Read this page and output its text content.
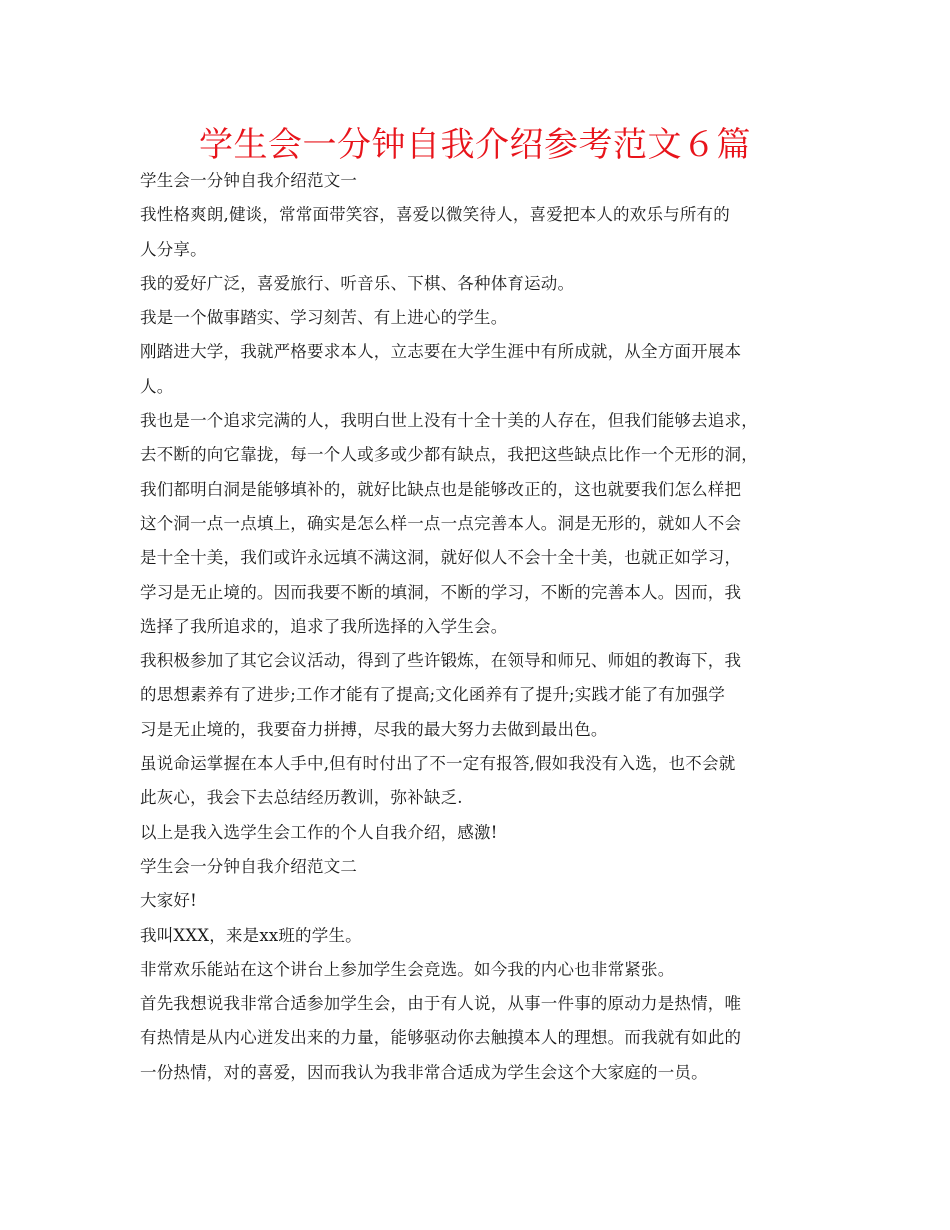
学生会一分钟自我介绍参考范文６篇

学生会一分钟自我介绍范文一

我性格爽朗,健谈，常常面带笑容，喜爱以微笑待人，喜爱把本人的欢乐与所有的

人分享。

我的爱好广泛，喜爱旅行、听音乐、下棋、各种体育运动。

我是一个做事踏实、学习刻苦、有上进心的学生。

刚踏进大学，我就严格要求本人，立志要在大学生涯中有所成就，从全方面开展本

人。

我也是一个追求完满的人，我明白世上没有十全十美的人存在，但我们能够去追求，

去不断的向它靠拢，每一个人或多或少都有缺点，我把这些缺点比作一个无形的洞，

我们都明白洞是能够填补的，就好比缺点也是能够改正的，这也就要我们怎么样把

这个洞一点一点填上，确实是怎么样一点一点完善本人。洞是无形的，就如人不会

是十全十美，我们或许永远填不满这洞，就好似人不会十全十美，也就正如学习，

学习是无止境的。因而我要不断的填洞，不断的学习，不断的完善本人。因而，我

选择了我所追求的，追求了我所选择的入学生会。

我积极参加了其它会议活动，得到了些许锻炼，在领导和师兄、师姐的教诲下，我

的思想素养有了进步;工作才能有了提高;文化函养有了提升;实践才能了有加强学

习是无止境的，我要奋力拼搏，尽我的最大努力去做到最出色。

虽说命运掌握在本人手中,但有时付出了不一定有报答,假如我没有入选，也不会就

此灰心，我会下去总结经历教训，弥补缺乏.

以上是我入选学生会工作的个人自我介绍，感激!

学生会一分钟自我介绍范文二

大家好!

我叫XXX，来是xx班的学生。

非常欢乐能站在这个讲台上参加学生会竞选。如今我的内心也非常紧张。

首先我想说我非常合适参加学生会，由于有人说，从事一件事的原动力是热情，唯

有热情是从内心迸发出来的力量，能够驱动你去触摸本人的理想。而我就有如此的

一份热情，对的喜爱，因而我认为我非常合适成为学生会这个大家庭的一员。
